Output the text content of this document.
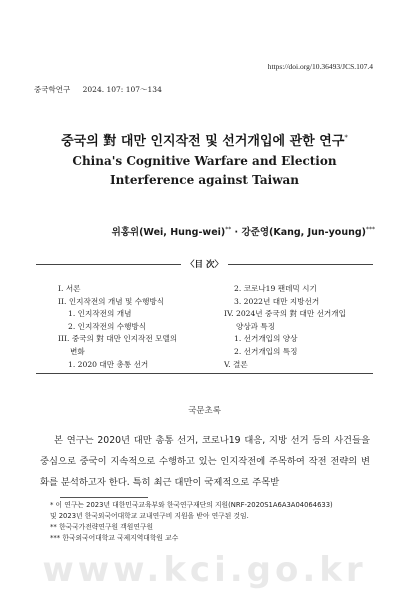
https://doi.org/10.36493/JCS.107.4
중국학연구 2024. 107: 107～134
중국의 對 대만 인지작전 및 선거개입에 관한 연구*
China's Cognitive Warfare and Election Interference against Taiwan
위홍위(Wei, Hung-wei)** · 강준영(Kang, Jun-young)***
〈目 次〉
I. 서론
II. 인지작전의 개념 및 수행방식
1. 인지작전의 개념
2. 인지작전의 수행방식
III. 중국의 對 대만 인지작전 모델의
변화
1. 2020 대만 총통 선거
2. 코로나19 팬데믹 시기
3. 2022년 대만 지방선거
IV. 2024년 중국의 對 대만 선거개입
양상과 특징
1. 선거개입의 양상
2. 선거개입의 특징
V. 결론
국문초록
본 연구는 2020년 대만 총통 선거, 코로나19 대응, 지방 선거 등의 사건들을 중심으로 중국이 지속적으로 수행하고 있는 인지작전에 주목하여 작전 전략의 변화를 분석하고자 한다. 특히 최근 대만이 국제적으로 주목받
* 이 연구는 2023년 대한민국교육부와 한국연구재단의 지원(NRF-2020S1A6A3A04064633)
및 2023년 한국외국어대학교 교내연구비 지원을 받아 연구된 것임.
** 한국국가전략연구원 객원연구원
*** 한국외국어대학교 국제지역대학원 교수
www.kci.go.kr
